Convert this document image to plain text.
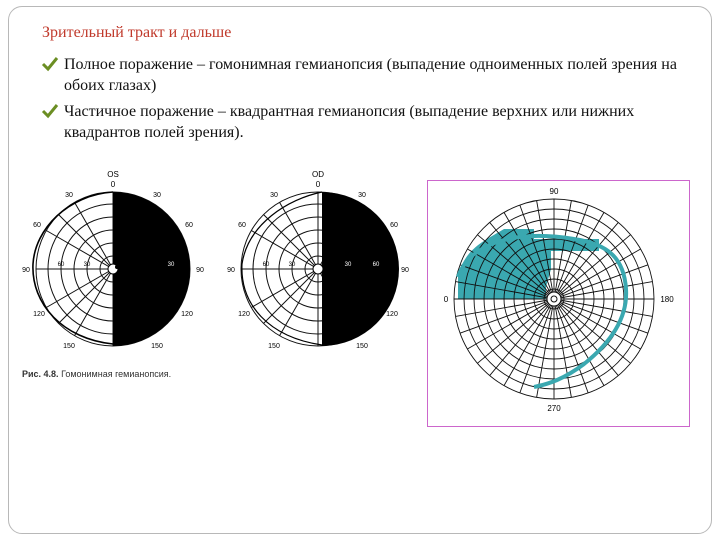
Зрительный тракт и дальше
Полное поражение – гомонимная гемианопсия (выпадение одноименных полей зрения на обоих глазах)
Частичное поражение – квадрантная гемианопсия (выпадение верхних или нижних квадрантов полей зрения).
OS
0
30	30
60	60
90	90
120	120
150	150
60	30	30 60
OD
0
30	30
60	60
90	90
120	120
150	150
60	30	30	60
Рис. 4.8. Гомонимная гемианопсия.
90
0	180
270
